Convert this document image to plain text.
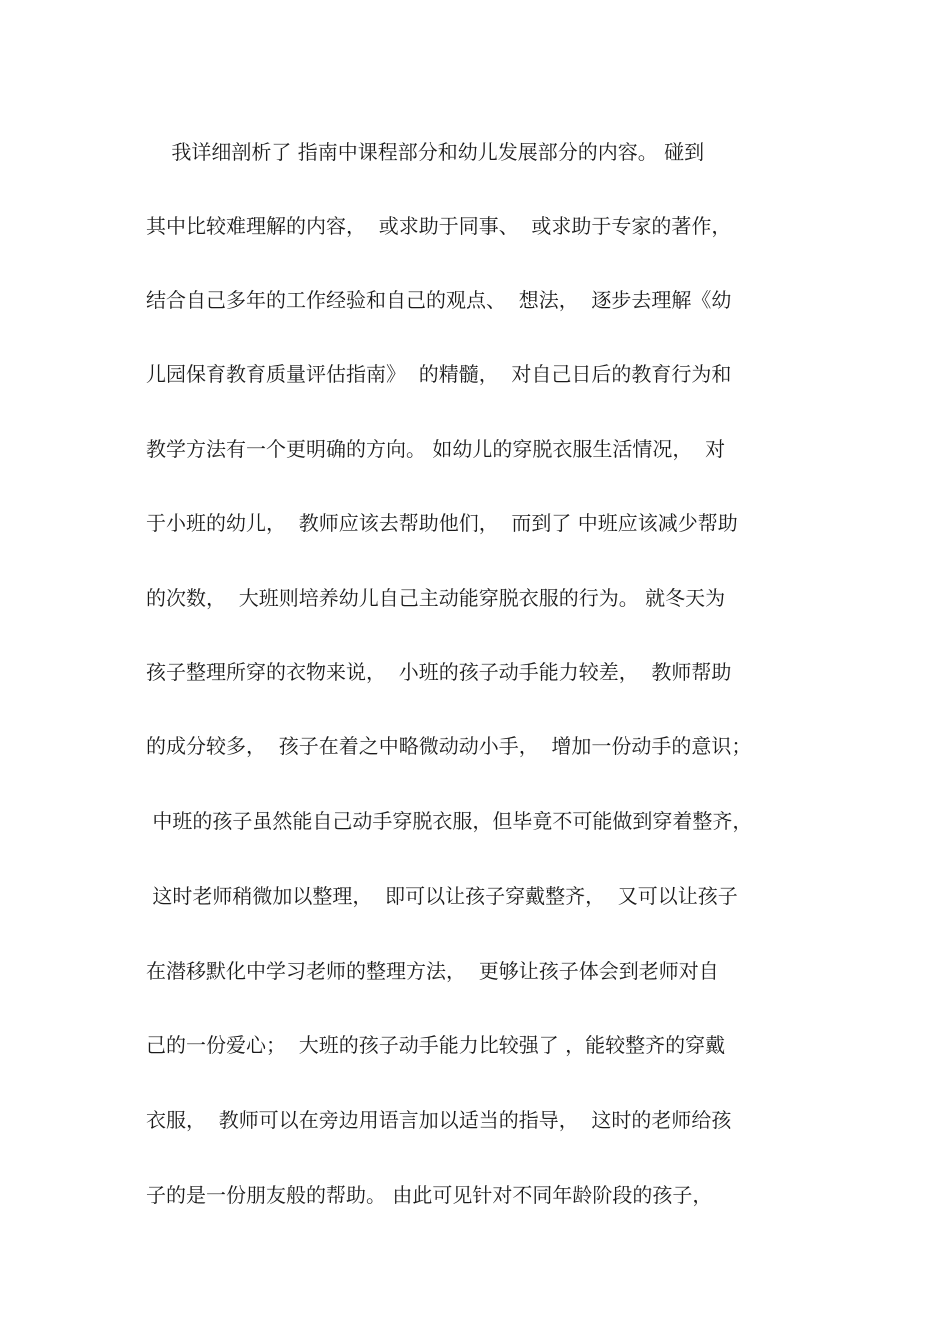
我详细剖析了 指南中课程部分和幼儿发展部分的内容。 碰到
其中比较难理解的内容，  或求助于同事、  或求助于专家的著作，
结合自己多年的工作经验和自己的观点、  想法，  逐步去理解《幼
儿园保育教育质量评估指南》  的精髓，  对自己日后的教育行为和
教学方法有一个更明确的方向。 如幼儿的穿脱衣服生活情况，  对
于小班的幼儿，  教师应该去帮助他们，  而到了 中班应该减少帮助
的次数，  大班则培养幼儿自己主动能穿脱衣服的行为。 就冬天为
孩子整理所穿的衣物来说，  小班的孩子动手能力较差，  教师帮助
的成分较多，  孩子在着之中略微动动小手，  增加一份动手的意识；
中班的孩子虽然能自己动手穿脱衣服，但毕竟不可能做到穿着整齐，
这时老师稍微加以整理，  即可以让孩子穿戴整齐，  又可以让孩子
在潜移默化中学习老师的整理方法，  更够让孩子体会到老师对自
己的一份爱心；  大班的孩子动手能力比较强了 ，能较整齐的穿戴
衣服，  教师可以在旁边用语言加以适当的指导，  这时的老师给孩
子的是一份朋友般的帮助。 由此可见针对不同年龄阶段的孩子，
